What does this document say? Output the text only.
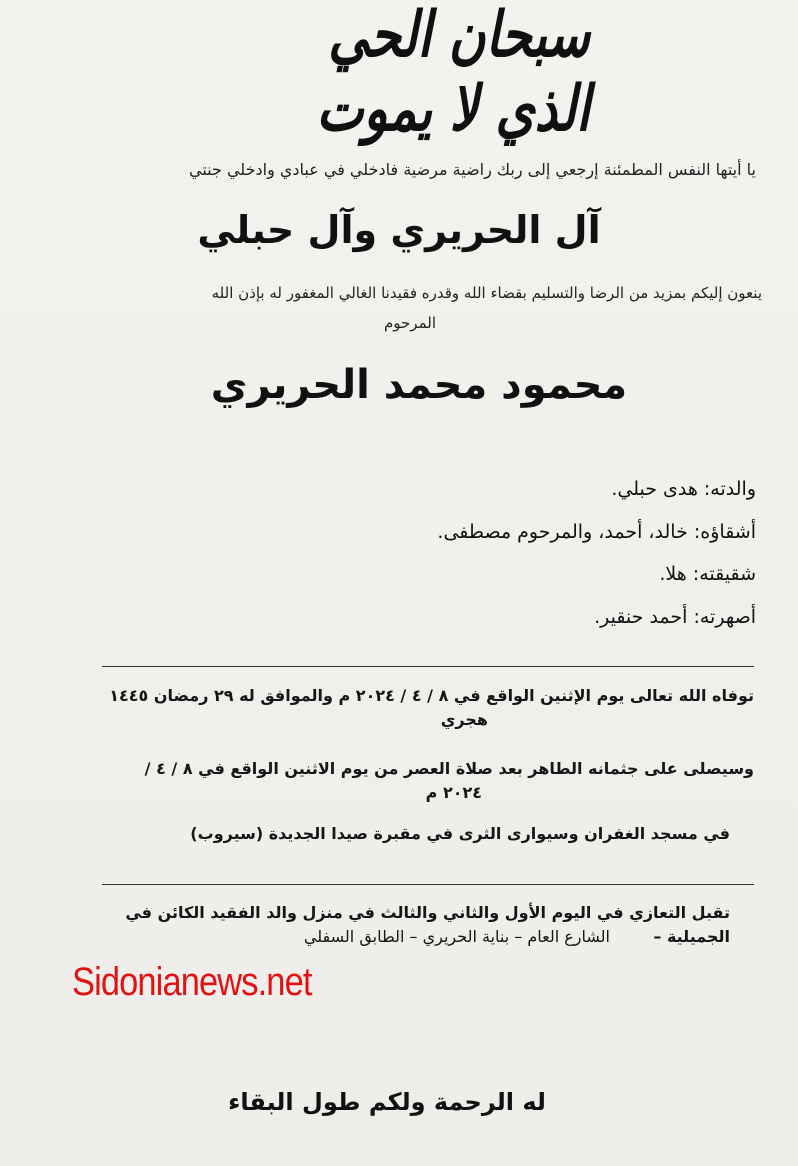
سبحان الحي الذي لا يموت
يا أيتها النفس المطمئنة إرجعي إلى ربك راضية مرضية فادخلي في عبادي وادخلي جنتي
آل الحريري وآل حبلي
ينعون إليكم بمزيد من الرضا والتسليم بقضاء الله وقدره فقيدنا الغالي المغفور له بإذن الله
المرحوم
محمود محمد الحريري
والدته: هدى حبلي.
أشقاؤه: خالد، أحمد، والمرحوم مصطفى.
شقيقته: هلا.
أصهرته: أحمد حنقير.
توفاه الله تعالى يوم الإثنين الواقع في ٨ / ٤ / ٢٠٢٤ م والموافق له ٢٩ رمضان ١٤٤٥
هجري
وسيصلى على جثمانه الطاهر بعد صلاة العصر من يوم الاثنين الواقع في ٨ / ٤ /
٢٠٢٤ م
في مسجد الغفران وسيوارى الثرى في مقبرة صيدا الجديدة (سيروب)
تقبل التعازي في اليوم الأول والثاني والثالث في منزل والد الفقيد الكائن في الجميلية –
الشارع العام – بناية الحريري – الطابق السفلي
Sidonianews.net
له الرحمة ولكم طول البقاء
